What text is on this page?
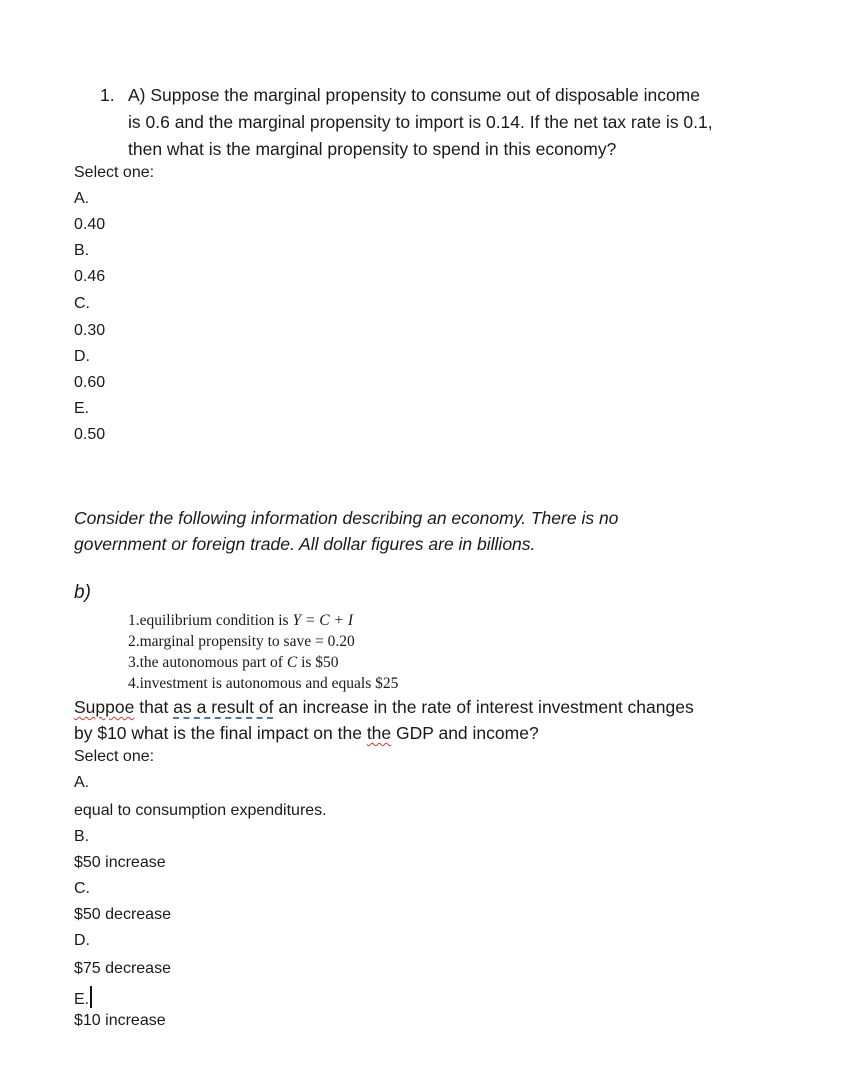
1. A) Suppose the marginal propensity to consume out of disposable income
is 0.6 and the marginal propensity to import is 0.14. If the net tax rate is 0.1,
then what is the marginal propensity to spend in this economy?
Select one:
A.
0.40
B.
0.46
C.
0.30
D.
0.60
E.
0.50
Consider the following information describing an economy. There is no
government or foreign trade. All dollar figures are in billions.
b)
1.equilibrium condition is Y = C + I
2.marginal propensity to save = 0.20
3.the autonomous part of C is $50
4.investment is autonomous and equals $25
Suppoe that as a result of an increase in the rate of interest investment changes
by $10 what is the final impact on the the GDP and income?
Select one:
A.
equal to consumption expenditures.
B.
$50 increase
C.
$50 decrease
D.
$75 decrease
E.
$10 increase
